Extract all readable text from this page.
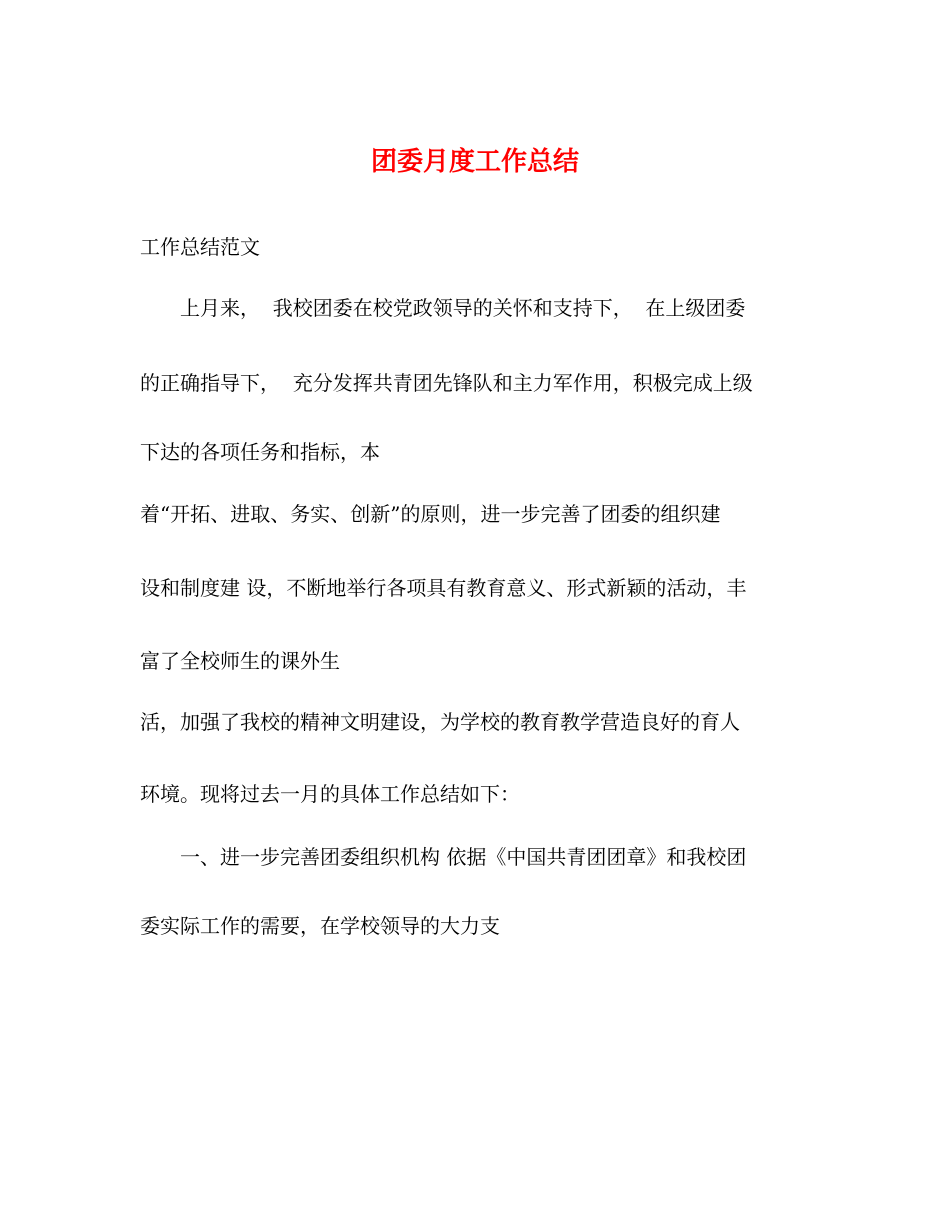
团委月度工作总结
工作总结范文
　　上月来，  我校团委在校党政领导的关怀和支持下，  在上级团委
的正确指导下，  充分发挥共青团先锋队和主力军作用，积极完成上级
下达的各项任务和指标，本
着“开拓、进取、务实、创新”的原则，进一步完善了团委的组织建
设和制度建 设，不断地举行各项具有教育意义、形式新颖的活动，丰
富了全校师生的课外生
活，加强了我校的精神文明建设，为学校的教育教学营造良好的育人
环境。现将过去一月的具体工作总结如下：
　　一、进一步完善团委组织机构 依据《中国共青团团章》和我校团
委实际工作的需要，在学校领导的大力支
